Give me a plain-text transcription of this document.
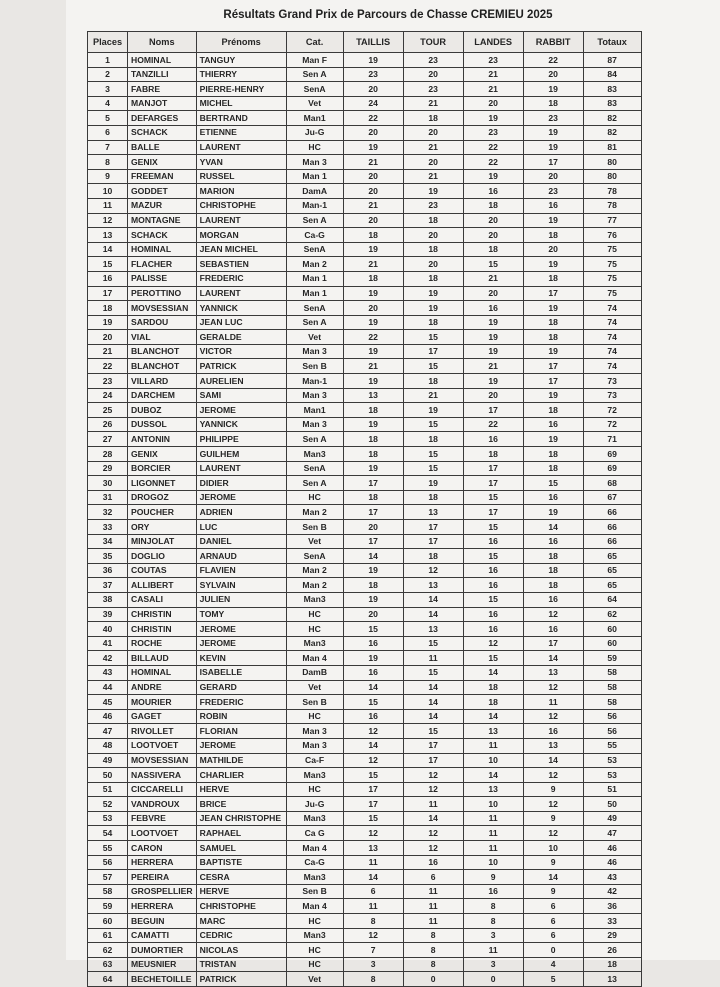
Résultats Grand Prix de Parcours de Chasse CREMIEU 2025
Places	Noms	Prénoms	Cat.	TAILLIS	TOUR	LANDES	RABBIT	Totaux
1	HOMINAL	TANGUY	Man F	19	23	23	22	87
2	TANZILLI	THIERRY	Sen A	23	20	21	20	84
3	FABRE	PIERRE-HENRY	SenA	20	23	21	19	83
4	MANJOT	MICHEL	Vet	24	21	20	18	83
5	DEFARGES	BERTRAND	Man1	22	18	19	23	82
6	SCHACK	ETIENNE	Ju-G	20	20	23	19	82
7	BALLE	LAURENT	HC	19	21	22	19	81
8	GENIX	YVAN	Man 3	21	20	22	17	80
9	FREEMAN	RUSSEL	Man 1	20	21	19	20	80
10	GODDET	MARION	DamA	20	19	16	23	78
11	MAZUR	CHRISTOPHE	Man-1	21	23	18	16	78
12	MONTAGNE	LAURENT	Sen A	20	18	20	19	77
13	SCHACK	MORGAN	Ca-G	18	20	20	18	76
14	HOMINAL	JEAN MICHEL	SenA	19	18	18	20	75
15	FLACHER	SEBASTIEN	Man 2	21	20	15	19	75
16	PALISSE	FREDERIC	Man 1	18	18	21	18	75
17	PEROTTINO	LAURENT	Man 1	19	19	20	17	75
18	MOVSESSIAN	YANNICK	SenA	20	19	16	19	74
19	SARDOU	JEAN LUC	Sen A	19	18	19	18	74
20	VIAL	GERALDE	Vet	22	15	19	18	74
21	BLANCHOT	VICTOR	Man 3	19	17	19	19	74
22	BLANCHOT	PATRICK	Sen B	21	15	21	17	74
23	VILLARD	AURELIEN	Man-1	19	18	19	17	73
24	DARCHEM	SAMI	Man 3	13	21	20	19	73
25	DUBOZ	JEROME	Man1	18	19	17	18	72
26	DUSSOL	YANNICK	Man 3	19	15	22	16	72
27	ANTONIN	PHILIPPE	Sen A	18	18	16	19	71
28	GENIX	GUILHEM	Man3	18	15	18	18	69
29	BORCIER	LAURENT	SenA	19	15	17	18	69
30	LIGONNET	DIDIER	Sen A	17	19	17	15	68
31	DROGOZ	JEROME	HC	18	18	15	16	67
32	POUCHER	ADRIEN	Man 2	17	13	17	19	66
33	ORY	LUC	Sen B	20	17	15	14	66
34	MINJOLAT	DANIEL	Vet	17	17	16	16	66
35	DOGLIO	ARNAUD	SenA	14	18	15	18	65
36	COUTAS	FLAVIEN	Man 2	19	12	16	18	65
37	ALLIBERT	SYLVAIN	Man 2	18	13	16	18	65
38	CASALI	JULIEN	Man3	19	14	15	16	64
39	CHRISTIN	TOMY	HC	20	14	16	12	62
40	CHRISTIN	JEROME	HC	15	13	16	16	60
41	ROCHE	JEROME	Man3	16	15	12	17	60
42	BILLAUD	KEVIN	Man 4	19	11	15	14	59
43	HOMINAL	ISABELLE	DamB	16	15	14	13	58
44	ANDRE	GERARD	Vet	14	14	18	12	58
45	MOURIER	FREDERIC	Sen B	15	14	18	11	58
46	GAGET	ROBIN	HC	16	14	14	12	56
47	RIVOLLET	FLORIAN	Man 3	12	15	13	16	56
48	LOOTVOET	JEROME	Man 3	14	17	11	13	55
49	MOVSESSIAN	MATHILDE	Ca-F	12	17	10	14	53
50	NASSIVERA	CHARLIER	Man3	15	12	14	12	53
51	CICCARELLI	HERVE	HC	17	12	13	9	51
52	VANDROUX	BRICE	Ju-G	17	11	10	12	50
53	FEBVRE	JEAN CHRISTOPHE	Man3	15	14	11	9	49
54	LOOTVOET	RAPHAEL	Ca G	12	12	11	12	47
55	CARON	SAMUEL	Man 4	13	12	11	10	46
56	HERRERA	BAPTISTE	Ca-G	11	16	10	9	46
57	PEREIRA	CESRA	Man3	14	6	9	14	43
58	GROSPELLIER	HERVE	Sen B	6	11	16	9	42
59	HERRERA	CHRISTOPHE	Man 4	11	11	8	6	36
60	BEGUIN	MARC	HC	8	11	8	6	33
61	CAMATTI	CEDRIC	Man3	12	8	3	6	29
62	DUMORTIER	NICOLAS	HC	7	8	11	0	26
63	MEUSNIER	TRISTAN	HC	3	8	3	4	18
64	BECHETOILLE	PATRICK	Vet	8	0	0	5	13
